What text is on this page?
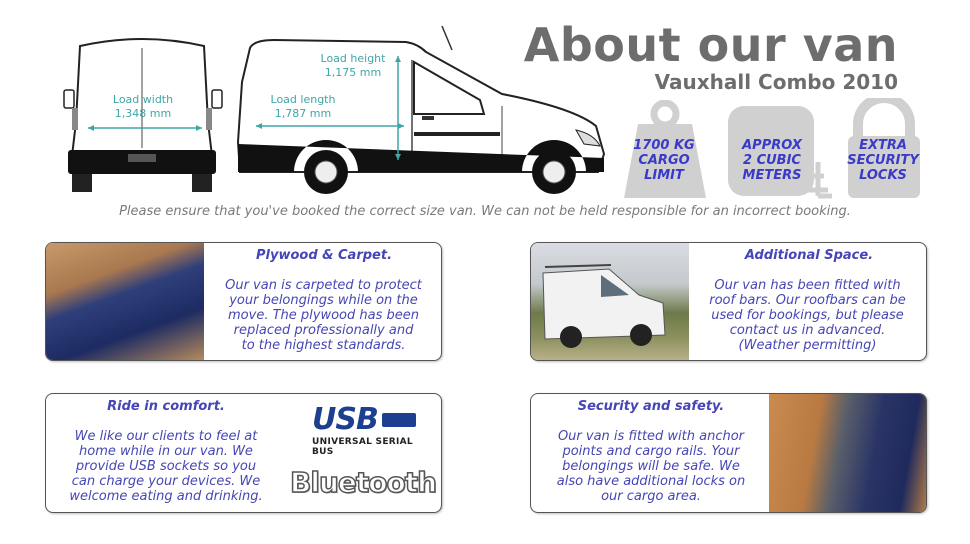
Load width
1,348 mm
Load length
1,787 mm
Load height
1,175 mm
About our van
Vauxhall Combo 2010
1700 KG
CARGO
LIMIT
APPROX
2 CUBIC
METERS
EXTRA
SECURITY
LOCKS
Please ensure that you've booked the correct size van. We can not be held responsible for an incorrect booking.
Plywood & Carpet.
Our van is carpeted to protect
your belongings while on the
move. The plywood has been
replaced professionally and
to the highest standards.
Additional Space.
Our van has been fitted with
roof bars. Our roofbars can be
used for bookings, but please
contact us in advanced.
(Weather permitting)
Ride in comfort.
We like our clients to feel at
home while in our van. We
provide USB sockets so you
can charge your devices. We
welcome eating and drinking.
USB
UNIVERSAL SERIAL BUS
Bluetooth
Security and safety.
Our van is fitted with anchor
points and cargo rails. Your
belongings will be safe. We
also have additional locks on
our cargo area.
